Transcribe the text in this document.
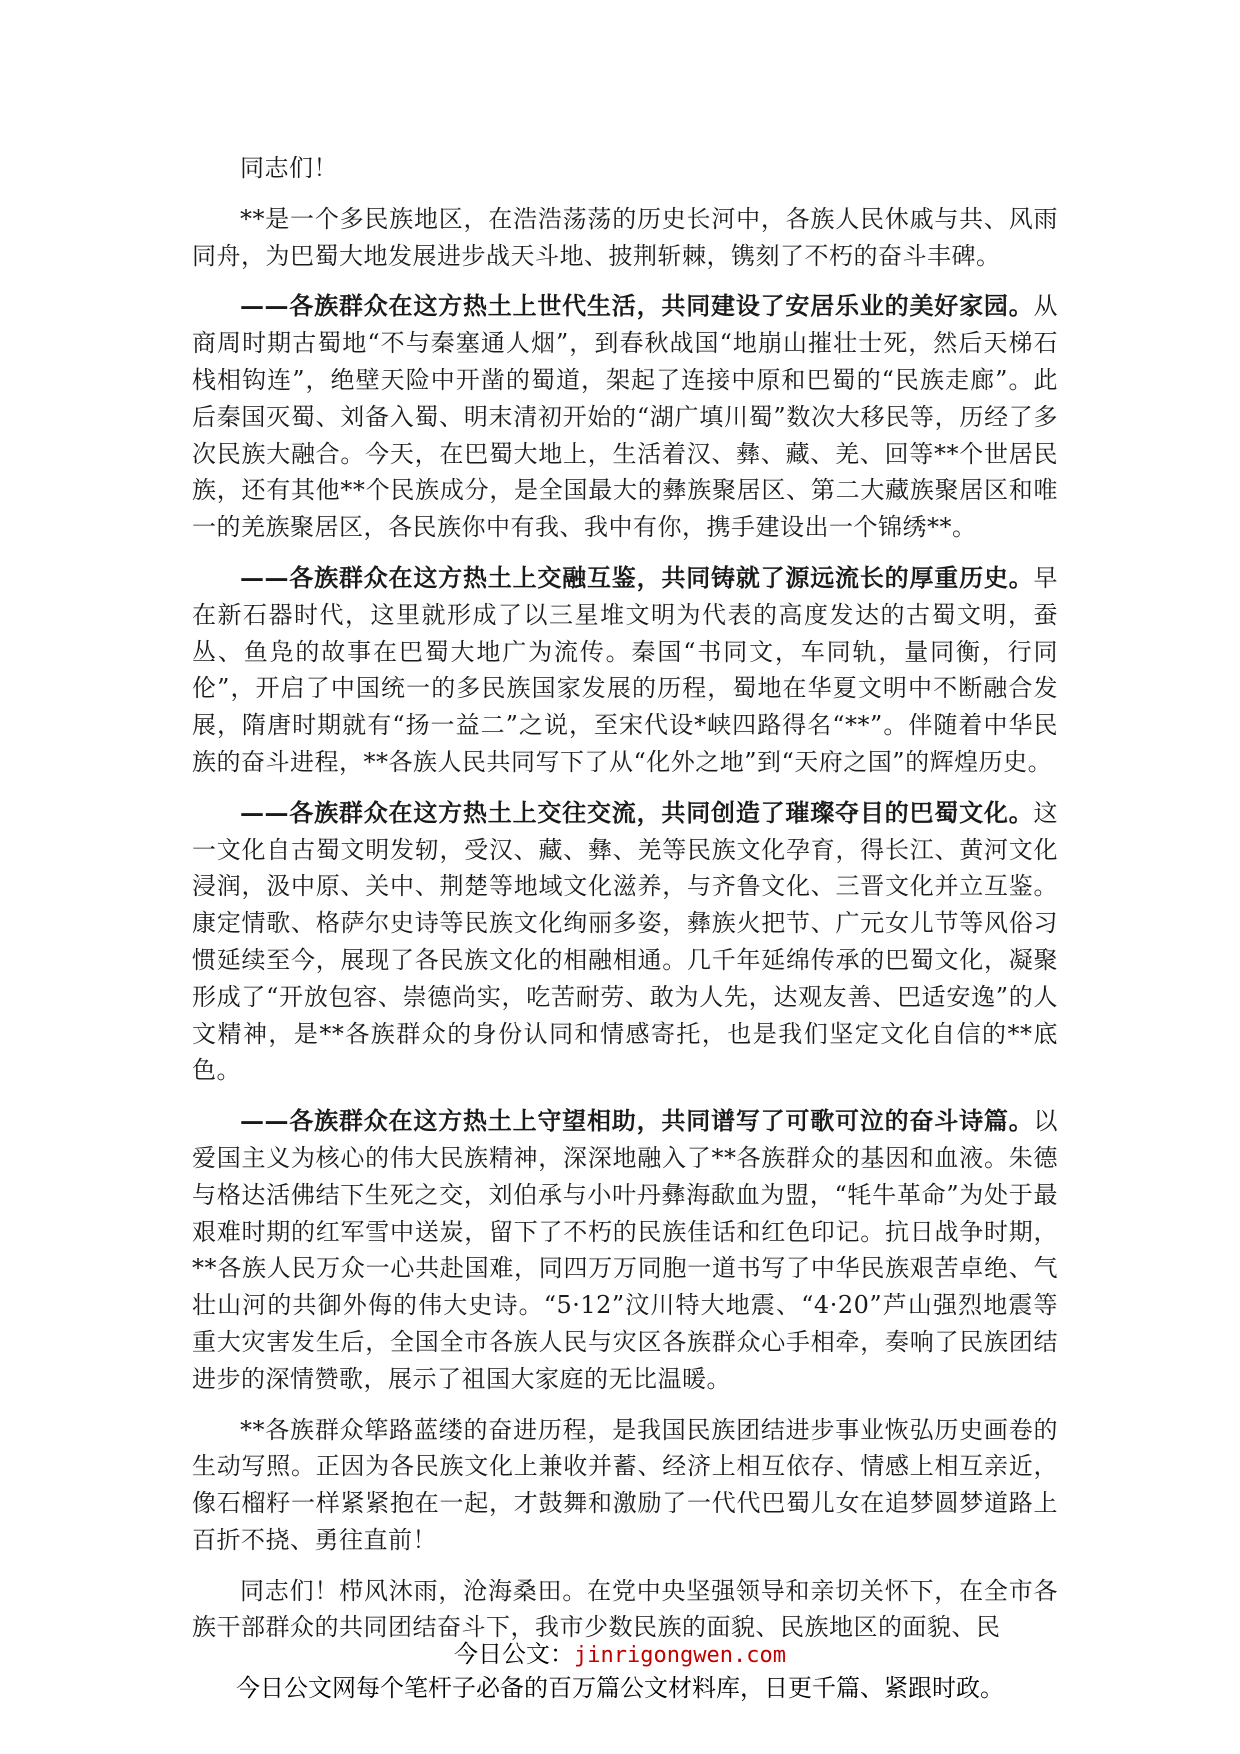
同志们！

**是一个多民族地区，在浩浩荡荡的历史长河中，各族人民休戚与共、风雨同舟，为巴蜀大地发展进步战天斗地、披荆斩棘，镌刻了不朽的奋斗丰碑。

——各族群众在这方热土上世代生活，共同建设了安居乐业的美好家园。从商周时期古蜀地“不与秦塞通人烟”，到春秋战国“地崩山摧壮士死，然后天梯石栈相钩连”，绝壁天险中开凿的蜀道，架起了连接中原和巴蜀的“民族走廊”。此后秦国灭蜀、刘备入蜀、明末清初开始的“湖广填川蜀”数次大移民等，历经了多次民族大融合。今天，在巴蜀大地上，生活着汉、彝、藏、羌、回等**个世居民族，还有其他**个民族成分，是全国最大的彝族聚居区、第二大藏族聚居区和唯一的羌族聚居区，各民族你中有我、我中有你，携手建设出一个锦绣**。

——各族群众在这方热土上交融互鉴，共同铸就了源远流长的厚重历史。早在新石器时代，这里就形成了以三星堆文明为代表的高度发达的古蜀文明，蚕丛、鱼凫的故事在巴蜀大地广为流传。秦国“书同文，车同轨，量同衡，行同伦”，开启了中国统一的多民族国家发展的历程，蜀地在华夏文明中不断融合发展，隋唐时期就有“扬一益二”之说，至宋代设*峡四路得名“**”。伴随着中华民族的奋斗进程，**各族人民共同写下了从“化外之地”到“天府之国”的辉煌历史。

——各族群众在这方热土上交往交流，共同创造了璀璨夺目的巴蜀文化。这一文化自古蜀文明发轫，受汉、藏、彝、羌等民族文化孕育，得长江、黄河文化浸润，汲中原、关中、荆楚等地域文化滋养，与齐鲁文化、三晋文化并立互鉴。康定情歌、格萨尔史诗等民族文化绚丽多姿，彝族火把节、广元女儿节等风俗习惯延续至今，展现了各民族文化的相融相通。几千年延绵传承的巴蜀文化，凝聚形成了“开放包容、崇德尚实，吃苦耐劳、敢为人先，达观友善、巴适安逸”的人文精神，是**各族群众的身份认同和情感寄托，也是我们坚定文化自信的**底色。

——各族群众在这方热土上守望相助，共同谱写了可歌可泣的奋斗诗篇。以爱国主义为核心的伟大民族精神，深深地融入了**各族群众的基因和血液。朱德与格达活佛结下生死之交，刘伯承与小叶丹彝海歃血为盟，“牦牛革命”为处于最艰难时期的红军雪中送炭，留下了不朽的民族佳话和红色印记。抗日战争时期，**各族人民万众一心共赴国难，同四万万同胞一道书写了中华民族艰苦卓绝、气壮山河的共御外侮的伟大史诗。“5·12”汶川特大地震、“4·20”芦山强烈地震等重大灾害发生后，全国全市各族人民与灾区各族群众心手相牵，奏响了民族团结进步的深情赞歌，展示了祖国大家庭的无比温暖。

**各族群众筚路蓝缕的奋进历程，是我国民族团结进步事业恢弘历史画卷的生动写照。正因为各民族文化上兼收并蓄、经济上相互依存、情感上相互亲近，像石榴籽一样紧紧抱在一起，才鼓舞和激励了一代代巴蜀儿女在追梦圆梦道路上百折不挠、勇往直前！

同志们！栉风沐雨，沧海桑田。在党中央坚强领导和亲切关怀下，在全市各族干部群众的共同团结奋斗下，我市少数民族的面貌、民族地区的面貌、民

今日公文：jinrigongwen.com
今日公文网每个笔杆子必备的百万篇公文材料库，日更千篇、紧跟时政。
